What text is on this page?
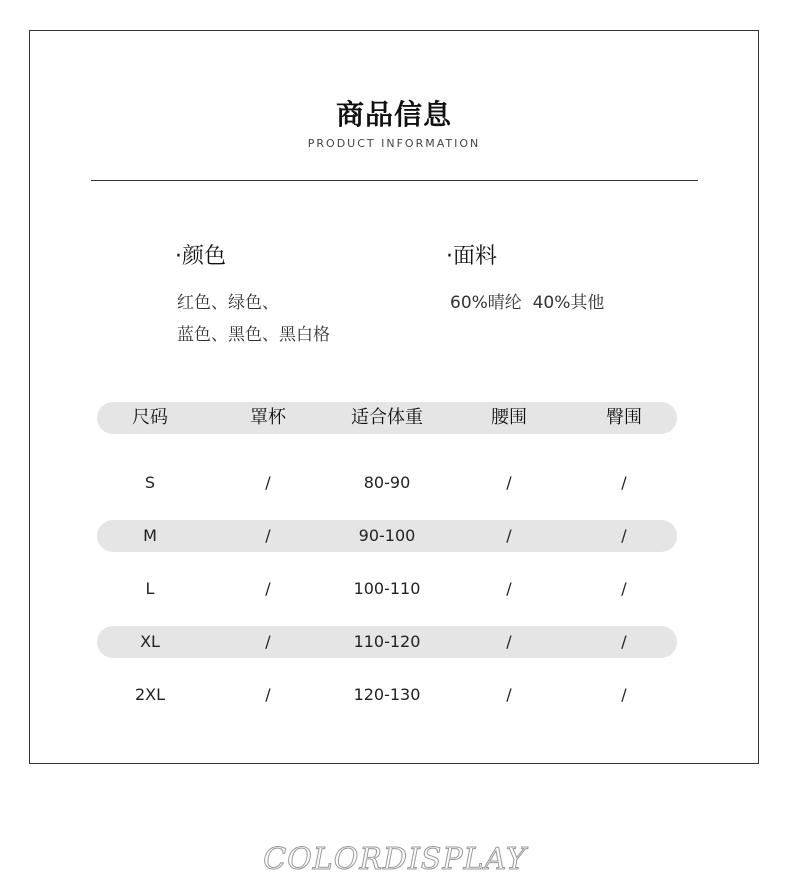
商品信息
PRODUCT INFORMATION
·颜色
红色、绿色、
蓝色、黑色、黑白格
·面料
60%晴纶  40%其他
尺码	罩杯	适合体重	腰围	臀围
S	/	80-90	/	/
M	/	90-100	/	/
L	/	100-110	/	/
XL	/	110-120	/	/
2XL	/	120-130	/	/
COLORDISPLAY
